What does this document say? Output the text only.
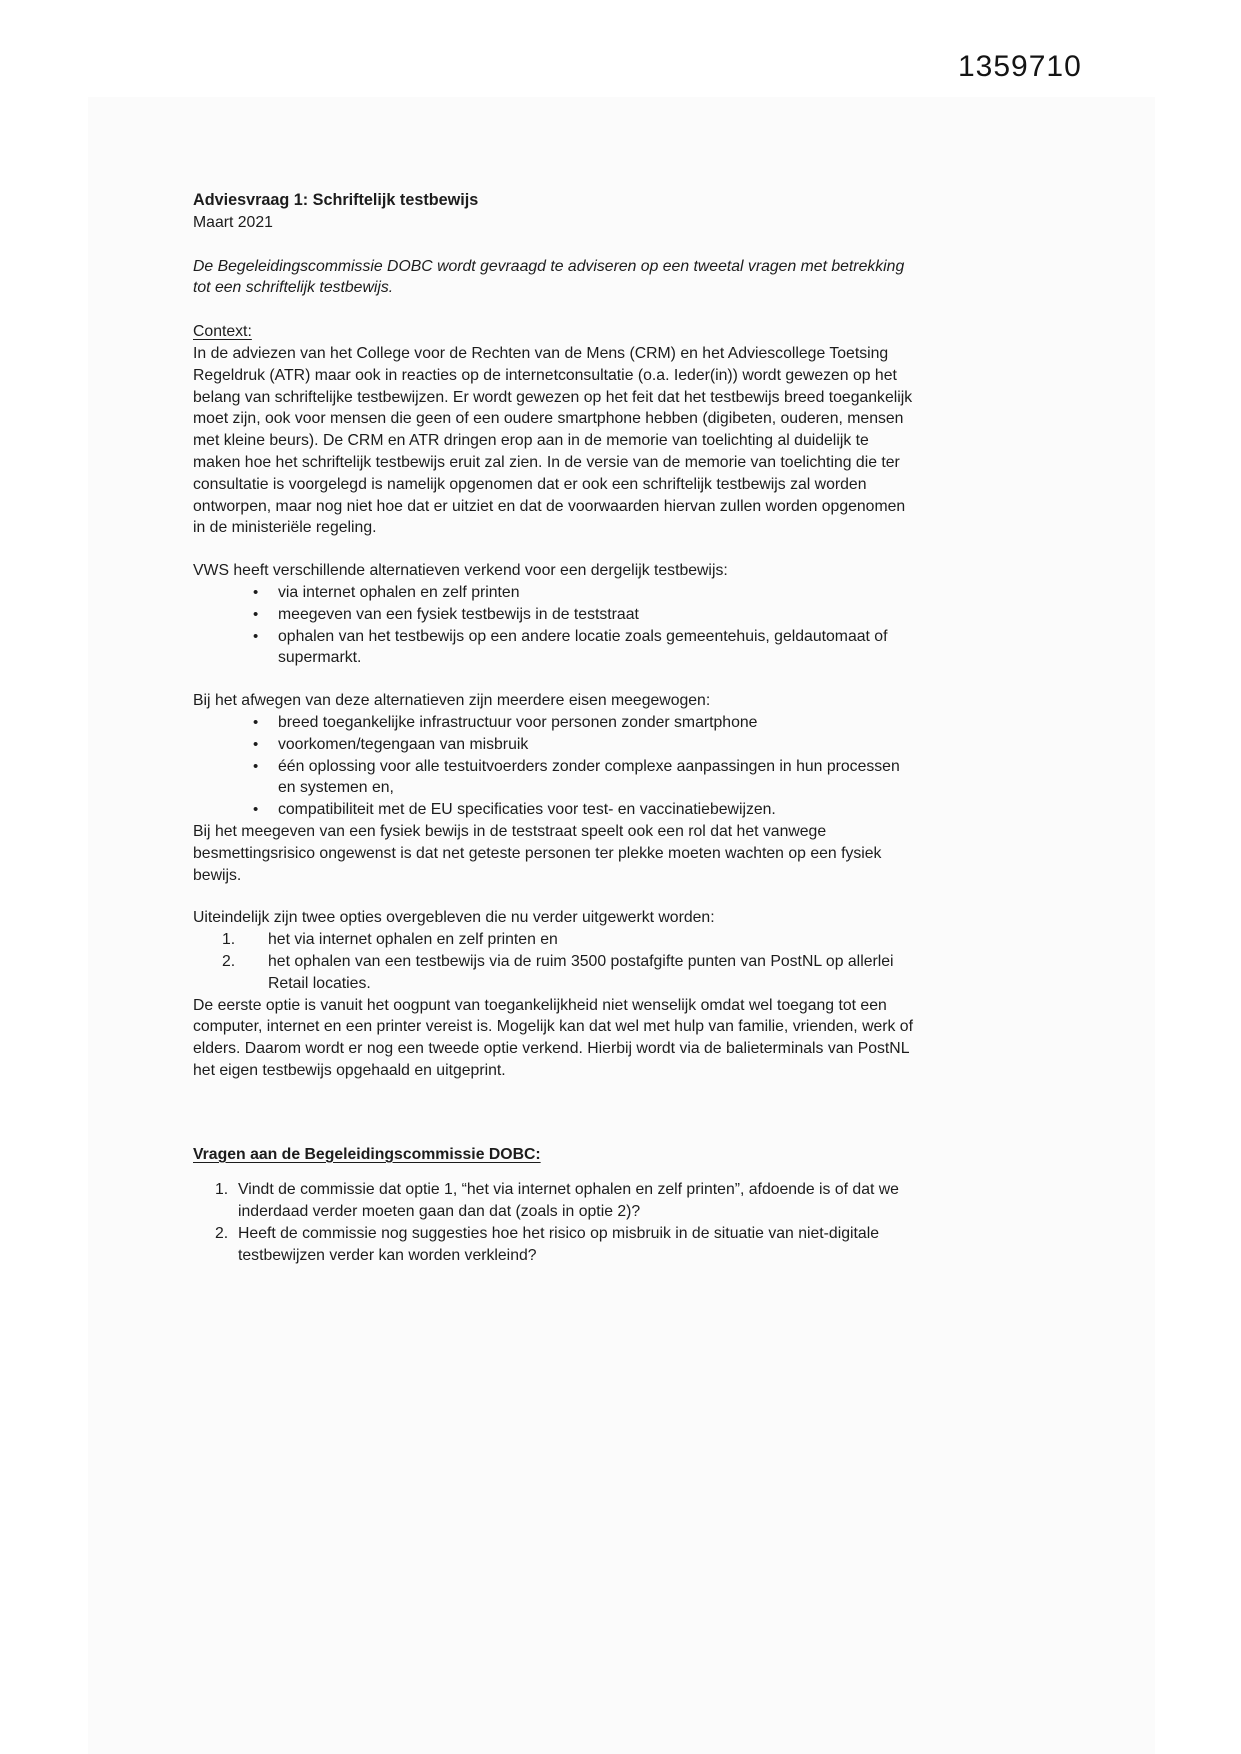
1359710

Adviesvraag 1: Schriftelijk testbewijs

Maart 2021

De Begeleidingscommissie DOBC wordt gevraagd te adviseren op een tweetal vragen met betrekking tot een schriftelijk testbewijs.

Context:

In de adviezen van het College voor de Rechten van de Mens (CRM) en het Adviescollege Toetsing Regeldruk (ATR) maar ook in reacties op de internetconsultatie (o.a. Ieder(in)) wordt gewezen op het belang van schriftelijke testbewijzen. Er wordt gewezen op het feit dat het testbewijs breed toegankelijk moet zijn, ook voor mensen die geen of een oudere smartphone hebben (digibeten, ouderen, mensen met kleine beurs). De CRM en ATR dringen erop aan in de memorie van toelichting al duidelijk te maken hoe het schriftelijk testbewijs eruit zal zien. In de versie van de memorie van toelichting die ter consultatie is voorgelegd is namelijk opgenomen dat er ook een schriftelijk testbewijs zal worden ontworpen, maar nog niet hoe dat er uitziet en dat de voorwaarden hiervan zullen worden opgenomen in de ministeriële regeling.

VWS heeft verschillende alternatieven verkend voor een dergelijk testbewijs:

• via internet ophalen en zelf printen
• meegeven van een fysiek testbewijs in de teststraat
• ophalen van het testbewijs op een andere locatie zoals gemeentehuis, geldautomaat of supermarkt.

Bij het afwegen van deze alternatieven zijn meerdere eisen meegewogen:

• breed toegankelijke infrastructuur voor personen zonder smartphone
• voorkomen/tegengaan van misbruik
• één oplossing voor alle testuitvoerders zonder complexe aanpassingen in hun processen en systemen en,
• compatibiliteit met de EU specificaties voor test- en vaccinatiebewijzen.

Bij het meegeven van een fysiek bewijs in de teststraat speelt ook een rol dat het vanwege besmettingsrisico ongewenst is dat net geteste personen ter plekke moeten wachten op een fysiek bewijs.

Uiteindelijk zijn twee opties overgebleven die nu verder uitgewerkt worden:

1. het via internet ophalen en zelf printen en
2. het ophalen van een testbewijs via de ruim 3500 postafgifte punten van PostNL op allerlei Retail locaties.

De eerste optie is vanuit het oogpunt van toegankelijkheid niet wenselijk omdat wel toegang tot een computer, internet en een printer vereist is. Mogelijk kan dat wel met hulp van familie, vrienden, werk of elders. Daarom wordt er nog een tweede optie verkend. Hierbij wordt via de balieterminals van PostNL het eigen testbewijs opgehaald en uitgeprint.

Vragen aan de Begeleidingscommissie DOBC:

1. Vindt de commissie dat optie 1, “het via internet ophalen en zelf printen”, afdoende is of dat we inderdaad verder moeten gaan dan dat (zoals in optie 2)?
2. Heeft de commissie nog suggesties hoe het risico op misbruik in de situatie van niet-digitale testbewijzen verder kan worden verkleind?
